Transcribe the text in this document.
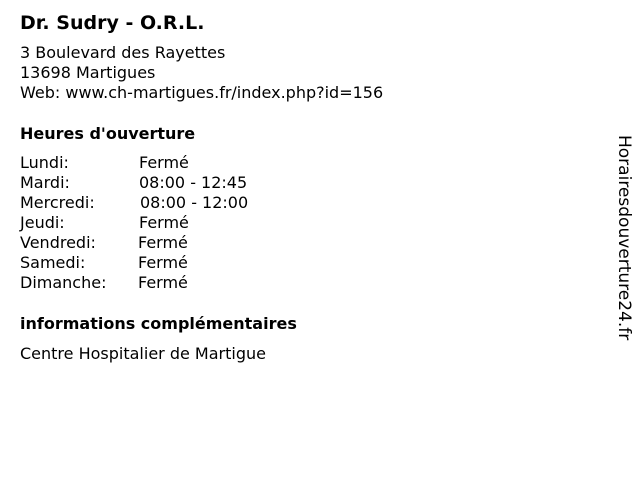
Dr. Sudry - O.R.L.
3 Boulevard des Rayettes
13698 Martigues
Web: www.ch-martigues.fr/index.php?id=156
Heures d'ouverture
Lundi:	Fermé
Mardi:	08:00 - 12:45
Mercredi:	08:00 - 12:00
Jeudi:	Fermé
Vendredi:	Fermé
Samedi:	Fermé
Dimanche: Fermé
informations complémentaires
Centre Hospitalier de Martigue
Horairesdouverture24.fr
